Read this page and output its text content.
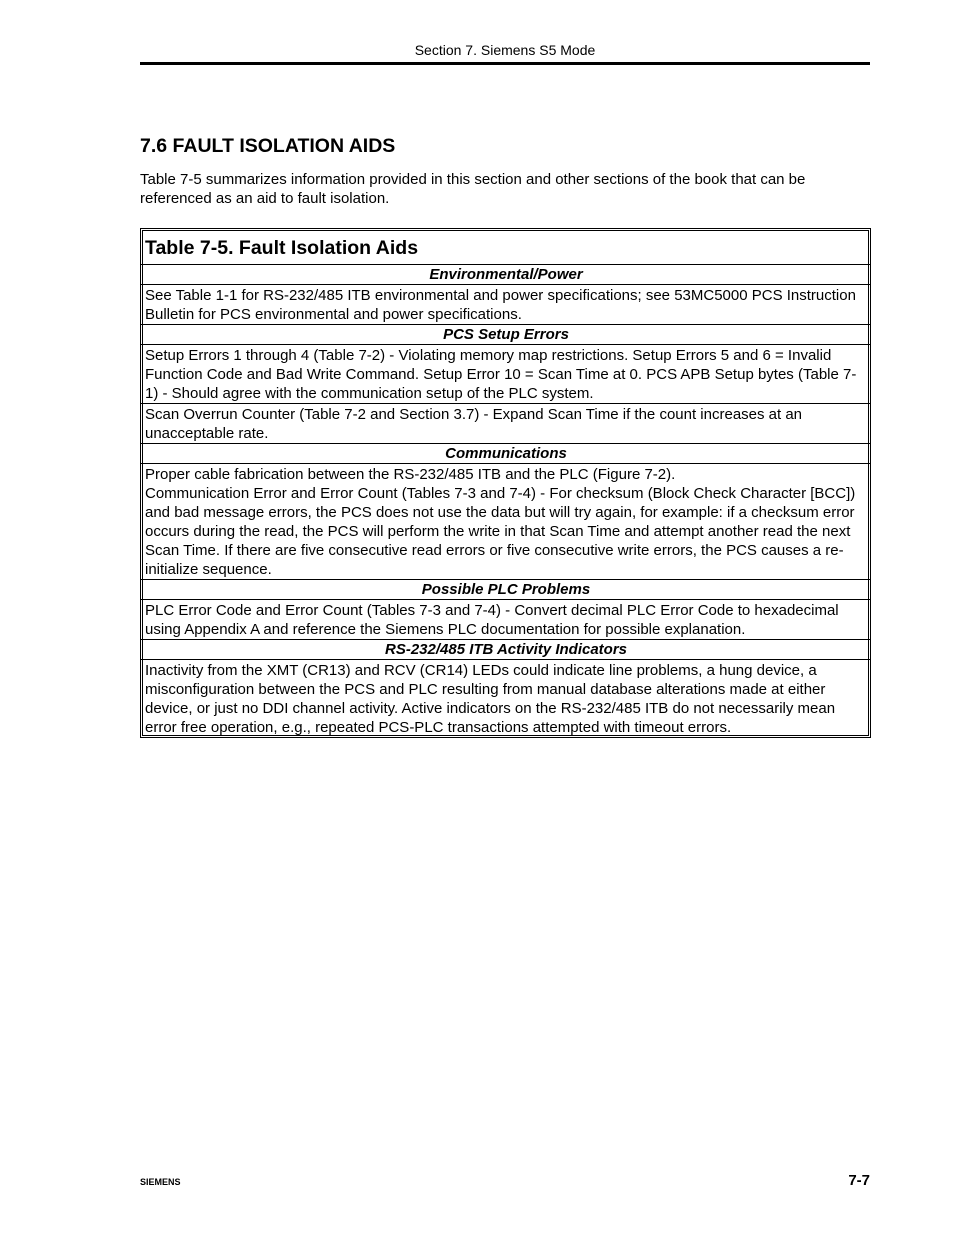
Section 7. Siemens S5 Mode
7.6 FAULT ISOLATION AIDS

Table 7-5 summarizes information provided in this section and other sections of the book that can be referenced as an aid to fault isolation.

Table 7-5. Fault Isolation Aids
Environmental/Power
See Table 1-1 for RS-232/485 ITB environmental and power specifications; see 53MC5000 PCS Instruction Bulletin for PCS environmental and power specifications.
PCS Setup Errors
Setup Errors 1 through 4 (Table 7-2) - Violating memory map restrictions. Setup Errors 5 and 6 = Invalid Function Code and Bad Write Command. Setup Error 10 = Scan Time at 0. PCS APB Setup bytes (Table 7-1) - Should agree with the communication setup of the PLC system.
Scan Overrun Counter (Table 7-2 and Section 3.7) - Expand Scan Time if the count increases at an unacceptable rate.
Communications

Proper cable fabrication between the RS-232/485 ITB and the PLC (Figure 7-2).
Communication Error and Error Count (Tables 7-3 and 7-4) - For checksum (Block Check Character [BCC]) and bad message errors, the PCS does not use the data but will try again, for example: if a checksum error occurs during the read, the PCS will perform the write in that Scan Time and attempt another read the next Scan Time. If there are five consecutive read errors or five consecutive write errors, the PCS causes a re-initialize sequence.

Possible PLC Problems
PLC Error Code and Error Count (Tables 7-3 and 7-4) - Convert decimal PLC Error Code to hexadecimal using Appendix A and reference the Siemens PLC documentation for possible explanation.
RS-232/485 ITB Activity Indicators
Inactivity from the XMT (CR13) and RCV (CR14) LEDs could indicate line problems, a hung device, a misconfiguration between the PCS and PLC resulting from manual database alterations made at either device, or just no DDI channel activity. Active indicators on the RS-232/485 ITB do not necessarily mean error free operation, e.g., repeated PCS-PLC transactions attempted with timeout errors.
SIEMENS	7-7
